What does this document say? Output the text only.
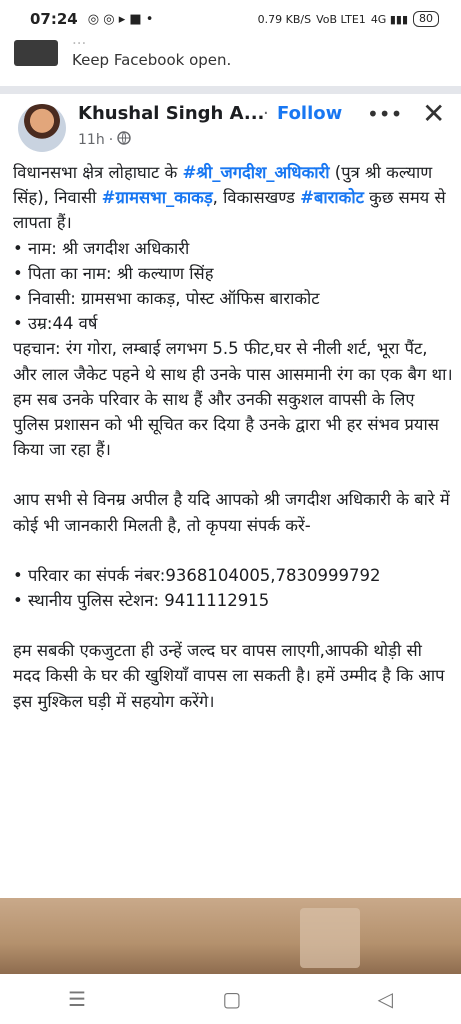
07:24 ◎ ◎ ▸ ■ •	0.79 KB/S VoB LTE1 4G ▮▮▮	80
...
Keep Facebook open.
Khushal Singh A...
· Follow
11h ·
••• ✕

विधानसभा क्षेत्र लोहाघाट के #श्री_जगदीश_अधिकारी (पुत्र श्री कल्याण सिंह), निवासी #ग्रामसभा_काकड़, विकासखण्ड #बाराकोट कुछ समय से लापता हैं।

• नाम: श्री जगदीश अधिकारी

• पिता का नाम: श्री कल्याण सिंह

• निवासी: ग्रामसभा काकड़, पोस्ट ऑफिस बाराकोट

• उम्र:44 वर्ष

पहचान: रंग गोरा, लम्बाई लगभग 5.5 फीट,घर से नीली शर्ट, भूरा पैंट, और लाल जैकेट पहने थे साथ ही उनके पास आसमानी रंग का एक बैग था।

हम सब उनके परिवार के साथ हैं और उनकी सकुशल वापसी के लिए पुलिस प्रशासन को भी सूचित कर दिया है उनके द्वारा भी हर संभव प्रयास किया जा रहा हैं।

आप सभी से विनम्र अपील है यदि आपको श्री जगदीश अधिकारी के बारे में कोई भी जानकारी मिलती है, तो कृपया संपर्क करें-

• परिवार का संपर्क नंबर:9368104005,7830999792

• स्थानीय पुलिस स्टेशन: 9411112915

हम सबकी एकजुटता ही उन्हें जल्द घर वापस लाएगी,आपकी थोड़ी सी मदद किसी के घर की खुशियाँ वापस ला सकती है। हमें उम्मीद है कि आप इस मुश्किल घड़ी में सहयोग करेंगे।

☰	▢	◁
